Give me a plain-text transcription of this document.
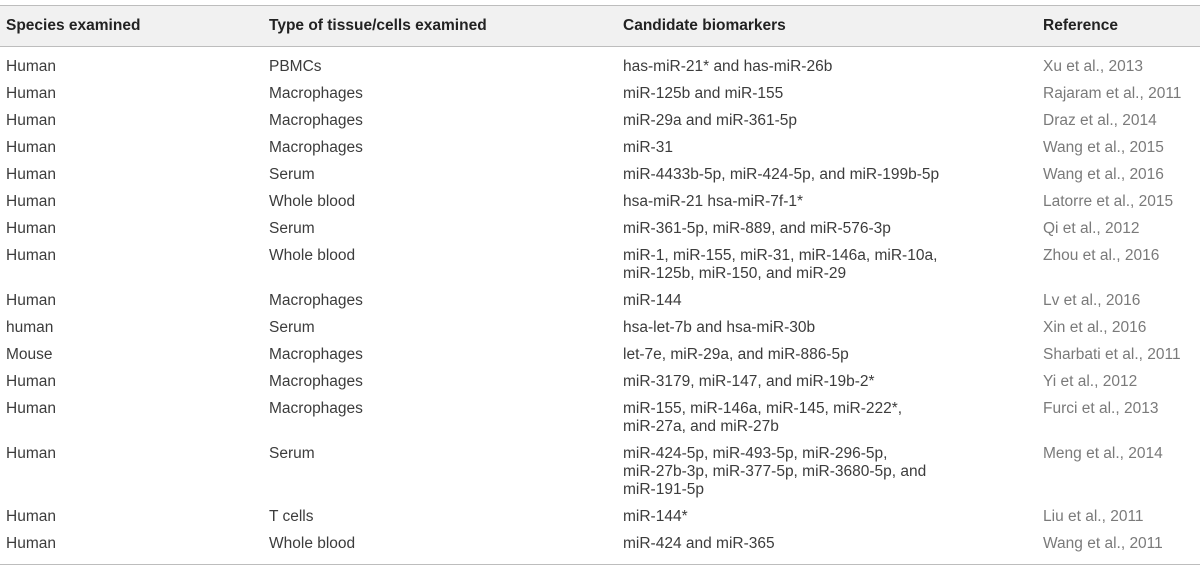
Species examined	Type of tissue/cells examined	Candidate biomarkers	Reference
Human	PBMCs	has-miR-21* and has-miR-26b	Xu et al., 2013
Human	Macrophages	miR-125b and miR-155	Rajaram et al., 2011
Human	Macrophages	miR-29a and miR-361-5p	Draz et al., 2014
Human	Macrophages	miR-31	Wang et al., 2015
Human	Serum	miR-4433b-5p, miR-424-5p, and miR-199b-5p	Wang et al., 2016
Human	Whole blood	hsa-miR-21 hsa-miR-7f-1*	Latorre et al., 2015
Human	Serum	miR-361-5p, miR-889, and miR-576-3p	Qi et al., 2012
Human	Whole blood	miR-1, miR-155, miR-31, miR-146a, miR-10a,
miR-125b, miR-150, and miR-29	Zhou et al., 2016
Human	Macrophages	miR-144	Lv et al., 2016
human	Serum	hsa-let-7b and hsa-miR-30b	Xin et al., 2016
Mouse	Macrophages	let-7e, miR-29a, and miR-886-5p	Sharbati et al., 2011
Human	Macrophages	miR-3179, miR-147, and miR-19b-2*	Yi et al., 2012
Human	Macrophages	miR-155, miR-146a, miR-145, miR-222*,
miR-27a, and miR-27b	Furci et al., 2013
Human	Serum	miR-424-5p, miR-493-5p, miR-296-5p,
miR-27b-3p, miR-377-5p, miR-3680-5p, and
miR-191-5p	Meng et al., 2014
Human	T cells	miR-144*	Liu et al., 2011
Human	Whole blood	miR-424 and miR-365	Wang et al., 2011
